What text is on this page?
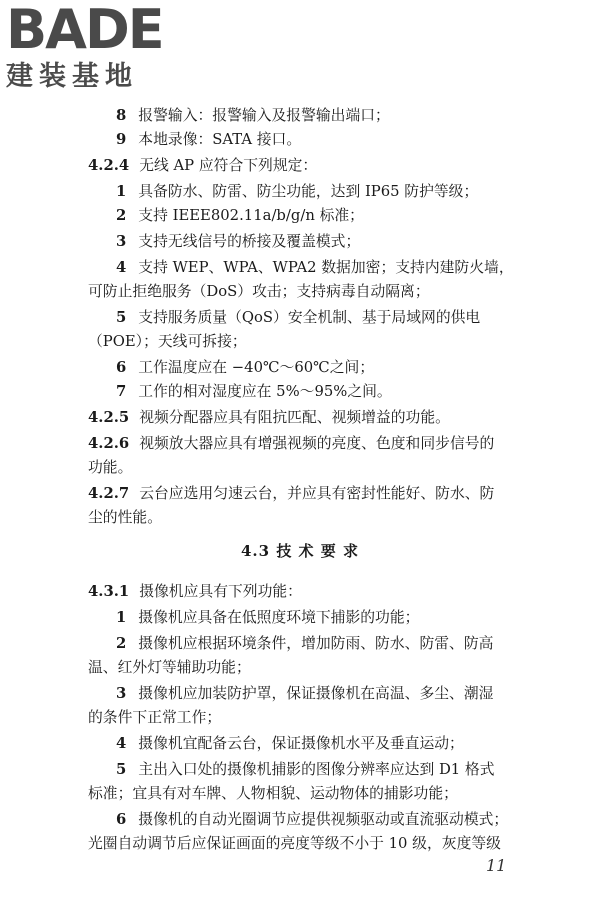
BADE
建装基地
8 报警输入：报警输入及报警输出端口；
9 本地录像：SATA 接口。
4.2.4 无线 AP 应符合下列规定：
1 具备防水、防雷、防尘功能，达到 IP65 防护等级；
2 支持 IEEE802.11a/b/g/n 标准；
3 支持无线信号的桥接及覆盖模式；
4 支持 WEP、WPA、WPA2 数据加密；支持内建防火墙，
可防止拒绝服务（DoS）攻击；支持病毒自动隔离；
5 支持服务质量（QoS）安全机制、基于局域网的供电
（POE）；天线可拆接；
6 工作温度应在 −40℃～60℃之间；
7 工作的相对湿度应在 5%～95%之间。
4.2.5 视频分配器应具有阻抗匹配、视频增益的功能。
4.2.6 视频放大器应具有增强视频的亮度、色度和同步信号的
功能。
4.2.7 云台应选用匀速云台，并应具有密封性能好、防水、防
尘的性能。
4.3.1 摄像机应具有下列功能：
1 摄像机应具备在低照度环境下捕影的功能；
2 摄像机应根据环境条件，增加防雨、防水、防雷、防高
温、红外灯等辅助功能；
3 摄像机应加装防护罩，保证摄像机在高温、多尘、潮湿
的条件下正常工作；
4 摄像机宜配备云台，保证摄像机水平及垂直运动；
5 主出入口处的摄像机捕影的图像分辨率应达到 D1 格式
标准；宜具有对车牌、人物相貌、运动物体的捕影功能；
6 摄像机的自动光圈调节应提供视频驱动或直流驱动模式；
光圈自动调节后应保证画面的亮度等级不小于 10 级，灰度等级
4.3 技 术 要 求
11
